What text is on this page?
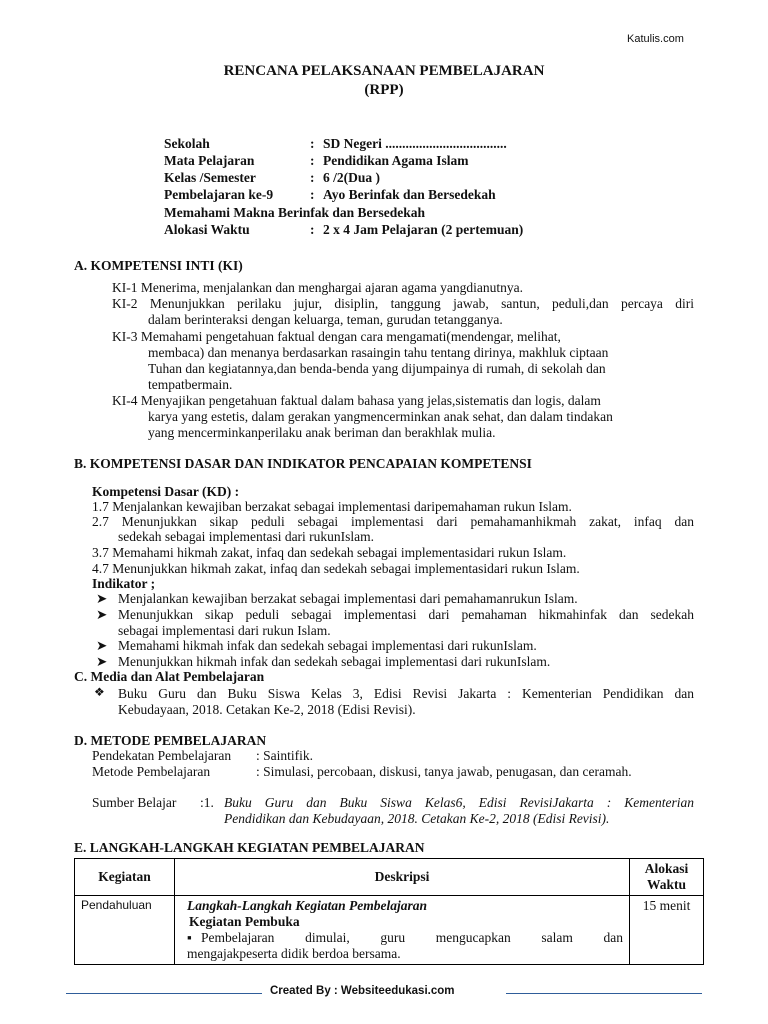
Katulis.com
RENCANA PELAKSANAAN PEMBELAJARAN
(RPP)
Sekolah	: SD Negeri ....................................
Mata Pelajaran	: Pendidikan Agama Islam
Kelas /Semester	: 6 /2(Dua )
Pembelajaran ke-9	: Ayo Berinfak dan Bersedekah
Memahami Makna Berinfak dan Bersedekah
Alokasi Waktu	: 2 x 4 Jam Pelajaran (2 pertemuan)
A. KOMPETENSI INTI (KI)
KI-1 Menerima, menjalankan dan menghargai ajaran agama yangdianutnya.
KI-2 Menunjukkan perilaku jujur, disiplin, tanggung jawab, santun, peduli,dan percaya diri
dalam berinteraksi dengan keluarga, teman, gurudan tetangganya.
KI-3 Memahami pengetahuan faktual dengan cara mengamati(mendengar, melihat,
membaca) dan menanya berdasarkan rasaingin tahu tentang dirinya, makhluk ciptaan
Tuhan dan kegiatannya,dan benda-benda yang dijumpainya di rumah, di sekolah dan
tempatbermain.
KI-4 Menyajikan pengetahuan faktual dalam bahasa yang jelas,sistematis dan logis, dalam
karya yang estetis, dalam gerakan yangmencerminkan anak sehat, dan dalam tindakan
yang mencerminkanperilaku anak beriman dan berakhlak mulia.
B. KOMPETENSI DASAR DAN INDIKATOR PENCAPAIAN KOMPETENSI
Kompetensi Dasar (KD) :
1.7 Menjalankan kewajiban berzakat sebagai implementasi daripemahaman rukun Islam.
2.7 Menunjukkan sikap peduli sebagai implementasi dari pemahamanhikmah zakat, infaq dan
sedekah sebagai implementasi dari rukunIslam.
3.7 Memahami hikmah zakat, infaq dan sedekah sebagai implementasidari rukun Islam.
4.7 Menunjukkan hikmah zakat, infaq dan sedekah sebagai implementasidari rukun Islam.
Indikator ;
➤ Menjalankan kewajiban berzakat sebagai implementasi dari pemahamanrukun Islam.
➤ Menunjukkan sikap peduli sebagai implementasi dari pemahaman hikmahinfak dan sedekah
sebagai implementasi dari rukun Islam.
➤ Memahami hikmah infak dan sedekah sebagai implementasi dari rukunIslam.
➤ Menunjukkan hikmah infak dan sedekah sebagai implementasi dari rukunIslam.
C. Media dan Alat Pembelajaran
❖ Buku Guru dan Buku Siswa Kelas 3, Edisi Revisi Jakarta : Kementerian Pendidikan dan
Kebudayaan, 2018. Cetakan Ke-2, 2018 (Edisi Revisi).
D. METODE PEMBELAJARAN
Pendekatan Pembelajaran : Saintifik.
Metode Pembelajaran	: Simulasi, percobaan, diskusi, tanya jawab, penugasan, dan ceramah.
Sumber Belajar :1. Buku Guru dan Buku Siswa Kelas6, Edisi RevisiJakarta : Kementerian
Pendidikan dan Kebudayaan, 2018. Cetakan Ke-2, 2018 (Edisi Revisi).
E. LANGKAH-LANGKAH KEGIATAN PEMBELAJARAN
Kegiatan	Deskripsi	Alokasi
Waktu

Pendahuluan	Langkah-Langkah Kegiatan Pembelajaran
Kegiatan Pembuka
▪ Pembelajaran dimulai, guru mengucapkan salam dan
mengajakpeserta didik berdoa bersama.	15 menit
Created By : Websiteedukasi.com
